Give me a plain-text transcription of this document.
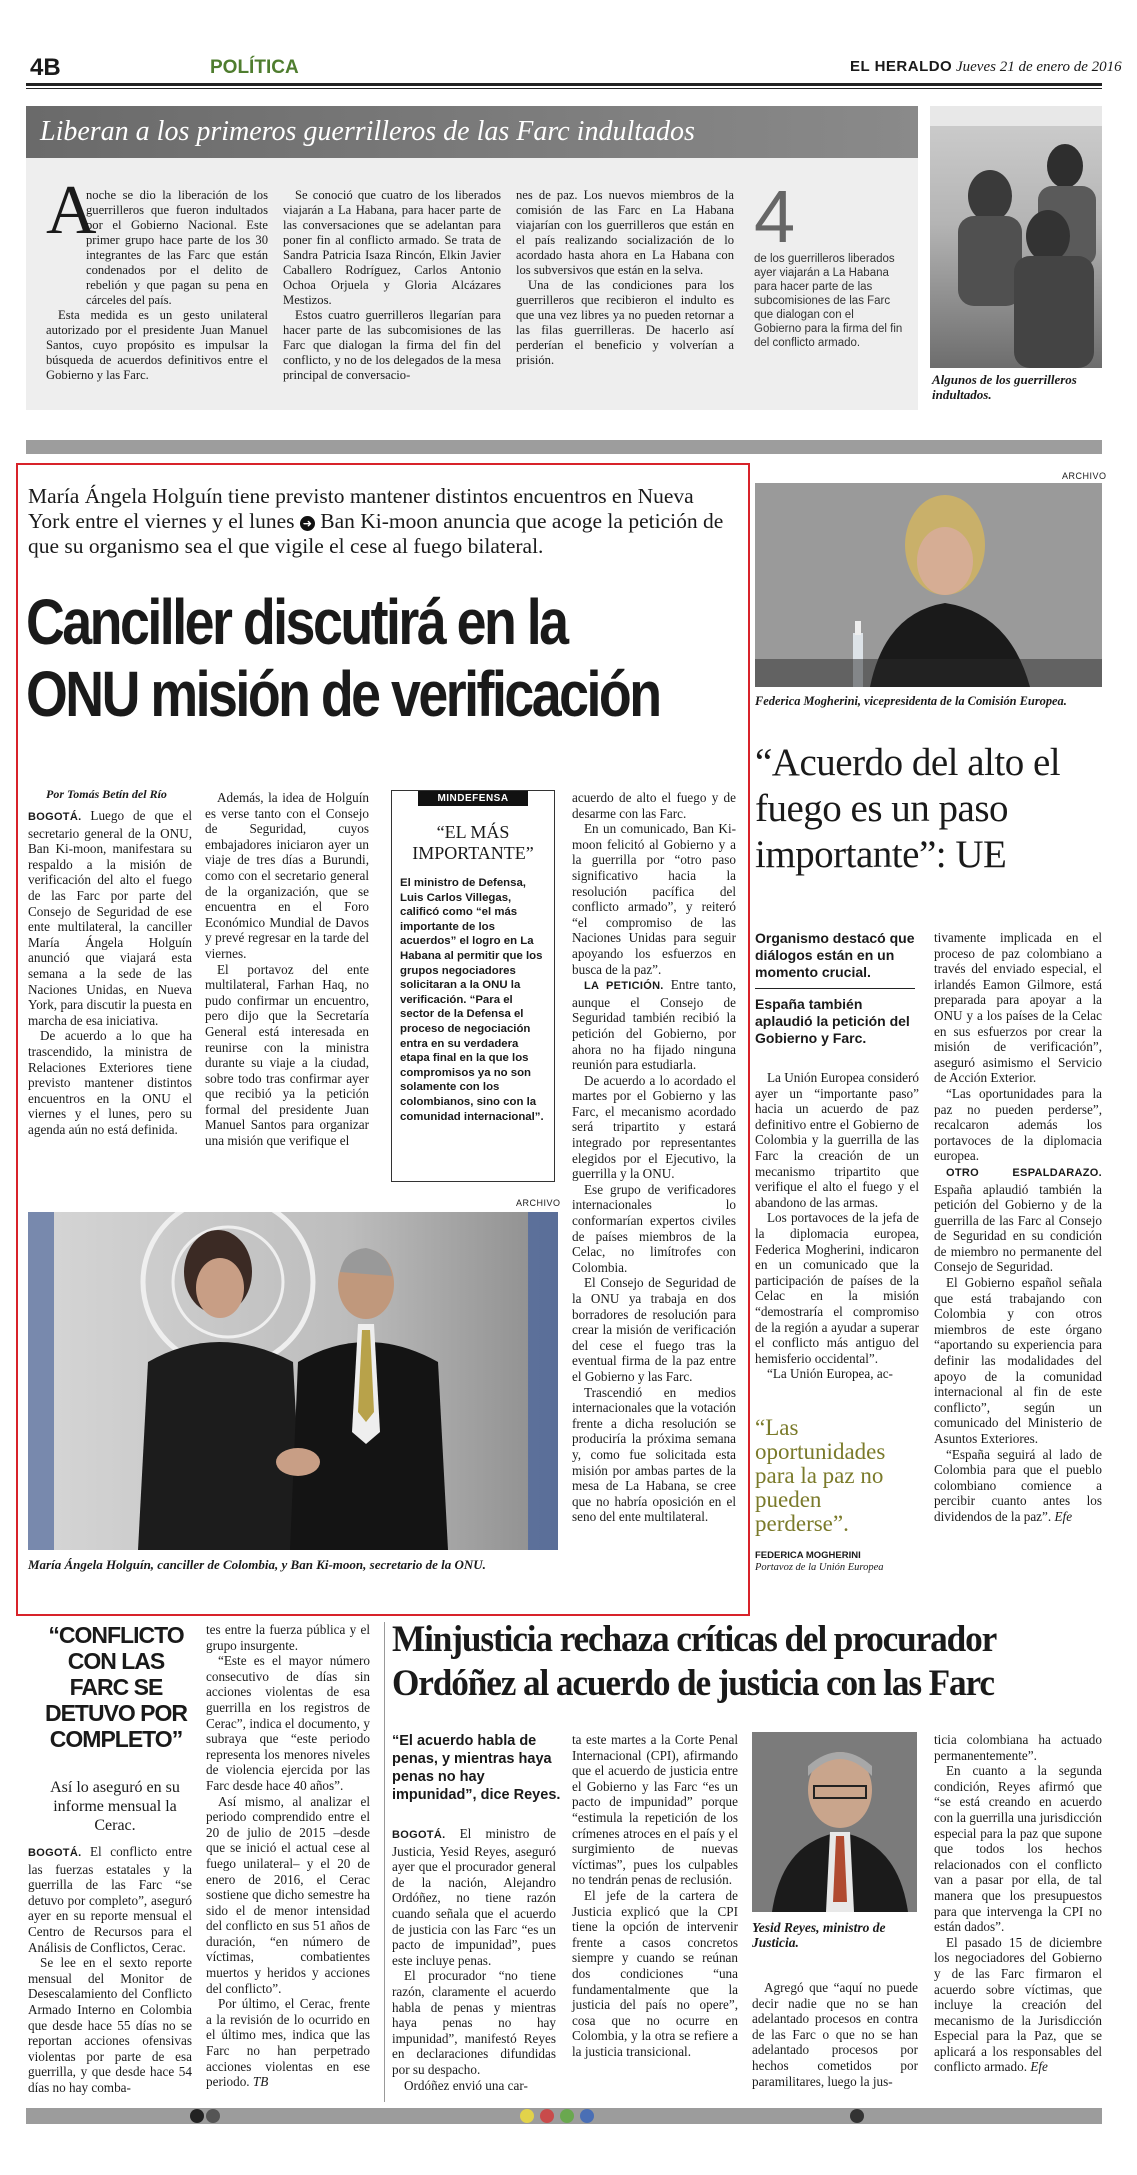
4B	POLÍTICA	EL HERALDO Jueves 21 de enero de 2016
Liberan a los primeros guerrilleros de las Farc indultados
A

noche se dio la liberación de los guerrilleros que fueron indultados por el Gobierno Nacional. Este primer grupo hace parte de los 30 integrantes de las Farc que están condenados por el delito de rebelión y que pagan su pena en cárceles del país.

Esta medida es un gesto unilateral autorizado por el presidente Juan Manuel Santos, cuyo propósito es impulsar la búsqueda de acuerdos definitivos entre el Gobierno y las Farc.

Se conoció que cuatro de los liberados viajarán a La Habana, para hacer parte de las conversaciones que se adelantan para poner fin al conflicto armado. Se trata de Sandra Patricia Isaza Rincón, Elkin Javier Caballero Rodríguez, Carlos Antonio Ochoa Orjuela y Gloria Alcázares Mestizos.

Estos cuatro guerrilleros llegarían para hacer parte de las subcomisiones de las Farc que dialogan la firma del fin del conflicto, y no de los delegados de la mesa principal de conversacio-

nes de paz. Los nuevos miembros de la comisión de las Farc en La Habana viajarían con los guerrilleros que están en el país realizando socialización de lo acordado hasta ahora en La Habana con los subversivos que están en la selva.

Una de las condiciones para los guerrilleros que recibieron el indulto es que una vez libres ya no pueden retornar a las filas guerrilleras. De hacerlo así perderían el beneficio y volverían a prisión.

4
de los guerrilleros liberados ayer viajarán a La Habana para hacer parte de las subcomisiones de las Farc que dialogan con el Gobierno para la firma del fin del conflicto armado.
Algunos de los guerrilleros indultados.
María Ángela Holguín tiene previsto mantener distintos encuentros en Nueva York entre el viernes y el lunes ➜ Ban Ki-moon anuncia que acoge la petición de que su organismo sea el que vigile el cese al fuego bilateral.
Canciller discutirá en la
ONU misión de verificación
Por Tomás Betín del Río

BOGOTÁ. Luego de que el secretario general de la ONU, Ban Ki-moon, manifestara su respaldo a la misión de verificación del alto el fuego de las Farc por parte del Consejo de Seguridad de ese ente multilateral, la canciller María Ángela Holguín anunció que viajará esta semana a la sede de las Naciones Unidas, en Nueva York, para discutir la puesta en marcha de esa iniciativa.

De acuerdo a lo que ha trascendido, la ministra de Relaciones Exteriores tiene previsto mantener distintos encuentros en la ONU el viernes y el lunes, pero su agenda aún no está definida.

Además, la idea de Holguín es verse tanto con el Consejo de Seguridad, cuyos embajadores iniciaron ayer un viaje de tres días a Burundi, como con el secretario general de la organización, que se encuentra en el Foro Económico Mundial de Davos y prevé regresar en la tarde del viernes.

El portavoz del ente multilateral, Farhan Haq, no pudo confirmar un encuentro, pero dijo que la Secretaría General está interesada en reunirse con la ministra durante su viaje a la ciudad, sobre todo tras confirmar ayer que recibió ya la petición formal del presidente Juan Manuel Santos para organizar una misión que verifique el

MINDEFENSA
“EL MÁS IMPORTANTE”
El ministro de Defensa, Luis Carlos Villegas, calificó como “el más importante de los acuerdos” el logro en La Habana al permitir que los grupos negociadores solicitaran a la ONU la verificación. “Para el sector de la Defensa el proceso de negociación entra en su verdadera etapa final en la que los compromisos ya no son solamente con los colombianos, sino con la comunidad internacional”.

acuerdo de alto el fuego y de desarme con las Farc.

En un comunicado, Ban Ki-moon felicitó al Gobierno y a la guerrilla por “otro paso significativo hacia la resolución pacífica del conflicto armado”, y reiteró “el compromiso de las Naciones Unidas para seguir apoyando los esfuerzos en busca de la paz”.

LA PETICIÓN. Entre tanto, aunque el Consejo de Seguridad también recibió la petición del Gobierno, por ahora no ha fijado ninguna reunión para estudiarla.

De acuerdo a lo acordado el martes por el Gobierno y las Farc, el mecanismo acordado será tripartito y estará integrado por representantes elegidos por el Ejecutivo, la guerrilla y la ONU.

Ese grupo de verificadores internacionales lo conformarían expertos civiles de países miembros de la Celac, no limítrofes con Colombia.

El Consejo de Seguridad de la ONU ya trabaja en dos borradores de resolución para crear la misión de verificación del cese el fuego tras la eventual firma de la paz entre el Gobierno y las Farc.

Trascendió en medios internacionales que la votación frente a dicha resolución se produciría la próxima semana y, como fue solicitada esta misión por ambas partes de la mesa de La Habana, se cree que no habría oposición en el seno del ente multilateral.

ARCHIVO
María Ángela Holguín, canciller de Colombia, y Ban Ki-moon, secretario de la ONU.
ARCHIVO
Federica Mogherini, vicepresidenta de la Comisión Europea.
“Acuerdo del alto el fuego es un paso importante”: UE
Organismo destacó que diálogos están en un momento crucial.
España también aplaudió la petición del Gobierno y Farc.

La Unión Europea consideró ayer un “importante paso” hacia un acuerdo de paz definitivo entre el Gobierno de Colombia y la guerrilla de las Farc la creación de un mecanismo tripartito que verifique el alto el fuego y el abandono de las armas.

Los portavoces de la jefa de la diplomacia europea, Federica Mogherini, indicaron en un comunicado que la participación de países de la Celac en la misión “demostraría el compromiso de la región a ayudar a superar el conflicto más antiguo del hemisferio occidental”.

“La Unión Europea, ac-

“Las oportunidades para la paz no pueden perderse”.
FEDERICA MOGHERINI
Portavoz de la Unión Europea

tivamente implicada en el proceso de paz colombiano a través del enviado especial, el irlandés Eamon Gilmore, está preparada para apoyar a la ONU y a los países de la Celac en sus esfuerzos por crear la misión de verificación”, aseguró asimismo el Servicio de Acción Exterior.

“Las oportunidades para la paz no pueden perderse”, recalcaron además los portavoces de la diplomacia europea.

OTRO ESPALDARAZO. España aplaudió también la petición del Gobierno y de la guerrilla de las Farc al Consejo de Seguridad en su condición de miembro no permanente del Consejo de Seguridad.

El Gobierno español señala que está trabajando con Colombia y con otros miembros de este órgano “aportando su experiencia para definir las modalidades del apoyo de la comunidad internacional al fin de este conflicto”, según un comunicado del Ministerio de Asuntos Exteriores.

“España seguirá al lado de Colombia para que el pueblo colombiano comience a percibir cuanto antes los dividendos de la paz”. Efe

“CONFLICTO CON LAS FARC SE DETUVO POR COMPLETO”
Así lo aseguró en su informe mensual la Cerac.

BOGOTÁ. El conflicto entre las fuerzas estatales y la guerrilla de las Farc “se detuvo por completo”, aseguró ayer en su reporte mensual el Centro de Recursos para el Análisis de Conflictos, Cerac.

Se lee en el sexto reporte mensual del Monitor de Desescalamiento del Conflicto Armado Interno en Colombia que desde hace 55 días no se reportan acciones ofensivas violentas por parte de esa guerrilla, y que desde hace 54 días no hay comba-

tes entre la fuerza pública y el grupo insurgente.

“Este es el mayor número consecutivo de días sin acciones violentas de esa guerrilla en los registros de Cerac”, indica el documento, y subraya que “este periodo representa los menores niveles de violencia ejercida por las Farc desde hace 40 años”.

Así mismo, al analizar el periodo comprendido entre el 20 de julio de 2015 –desde que se inició el actual cese al fuego unilateral– y el 20 de enero de 2016, el Cerac sostiene que dicho semestre ha sido el de menor intensidad del conflicto en sus 51 años de duración, “en número de víctimas, combatientes muertos y heridos y acciones del conflicto”.

Por último, el Cerac, frente a la revisión de lo ocurrido en el último mes, indica que las Farc no han perpetrado acciones violentas en ese periodo. TB

Minjusticia rechaza críticas del procurador Ordóñez al acuerdo de justicia con las Farc
“El acuerdo habla de penas, y mientras haya penas no hay impunidad”, dice Reyes.

BOGOTÁ. El ministro de Justicia, Yesid Reyes, aseguró ayer que el procurador general de la nación, Alejandro Ordóñez, no tiene razón cuando señala que el acuerdo de justicia con las Farc “es un pacto de impunidad”, pues este incluye penas.

El procurador “no tiene razón, claramente el acuerdo habla de penas y mientras haya penas no hay impunidad”, manifestó Reyes en declaraciones difundidas por su despacho.

Ordóñez envió una car-

ta este martes a la Corte Penal Internacional (CPI), afirmando que el acuerdo de justicia entre el Gobierno y las Farc “es un pacto de impunidad” porque “estimula la repetición de los crímenes atroces en el país y el surgimiento de nuevas víctimas”, pues los culpables no tendrán penas de reclusión.

El jefe de la cartera de Justicia explicó que la CPI tiene la opción de intervenir frente a casos concretos siempre y cuando se reúnan dos condiciones “una fundamentalmente que la justicia del país no opere”, cosa que no ocurre en Colombia, y la otra se refiere a la justicia transicional.

Yesid Reyes, ministro de Justicia.

Agregó que “aquí no puede decir nadie que no se han adelantado procesos en contra de las Farc o que no se han adelantado procesos por hechos cometidos por paramilitares, luego la jus-

ticia colombiana ha actuado permanentemente”.

En cuanto a la segunda condición, Reyes afirmó que “se está creando en acuerdo con la guerrilla una jurisdicción especial para la paz que supone que todos los hechos relacionados con el conflicto van a pasar por ella, de tal manera que los presupuestos para que intervenga la CPI no están dados”.

El pasado 15 de diciembre los negociadores del Gobierno y de las Farc firmaron el acuerdo sobre víctimas, que incluye la creación del mecanismo de la Jurisdicción Especial para la Paz, que se aplicará a los responsables del conflicto armado. Efe
